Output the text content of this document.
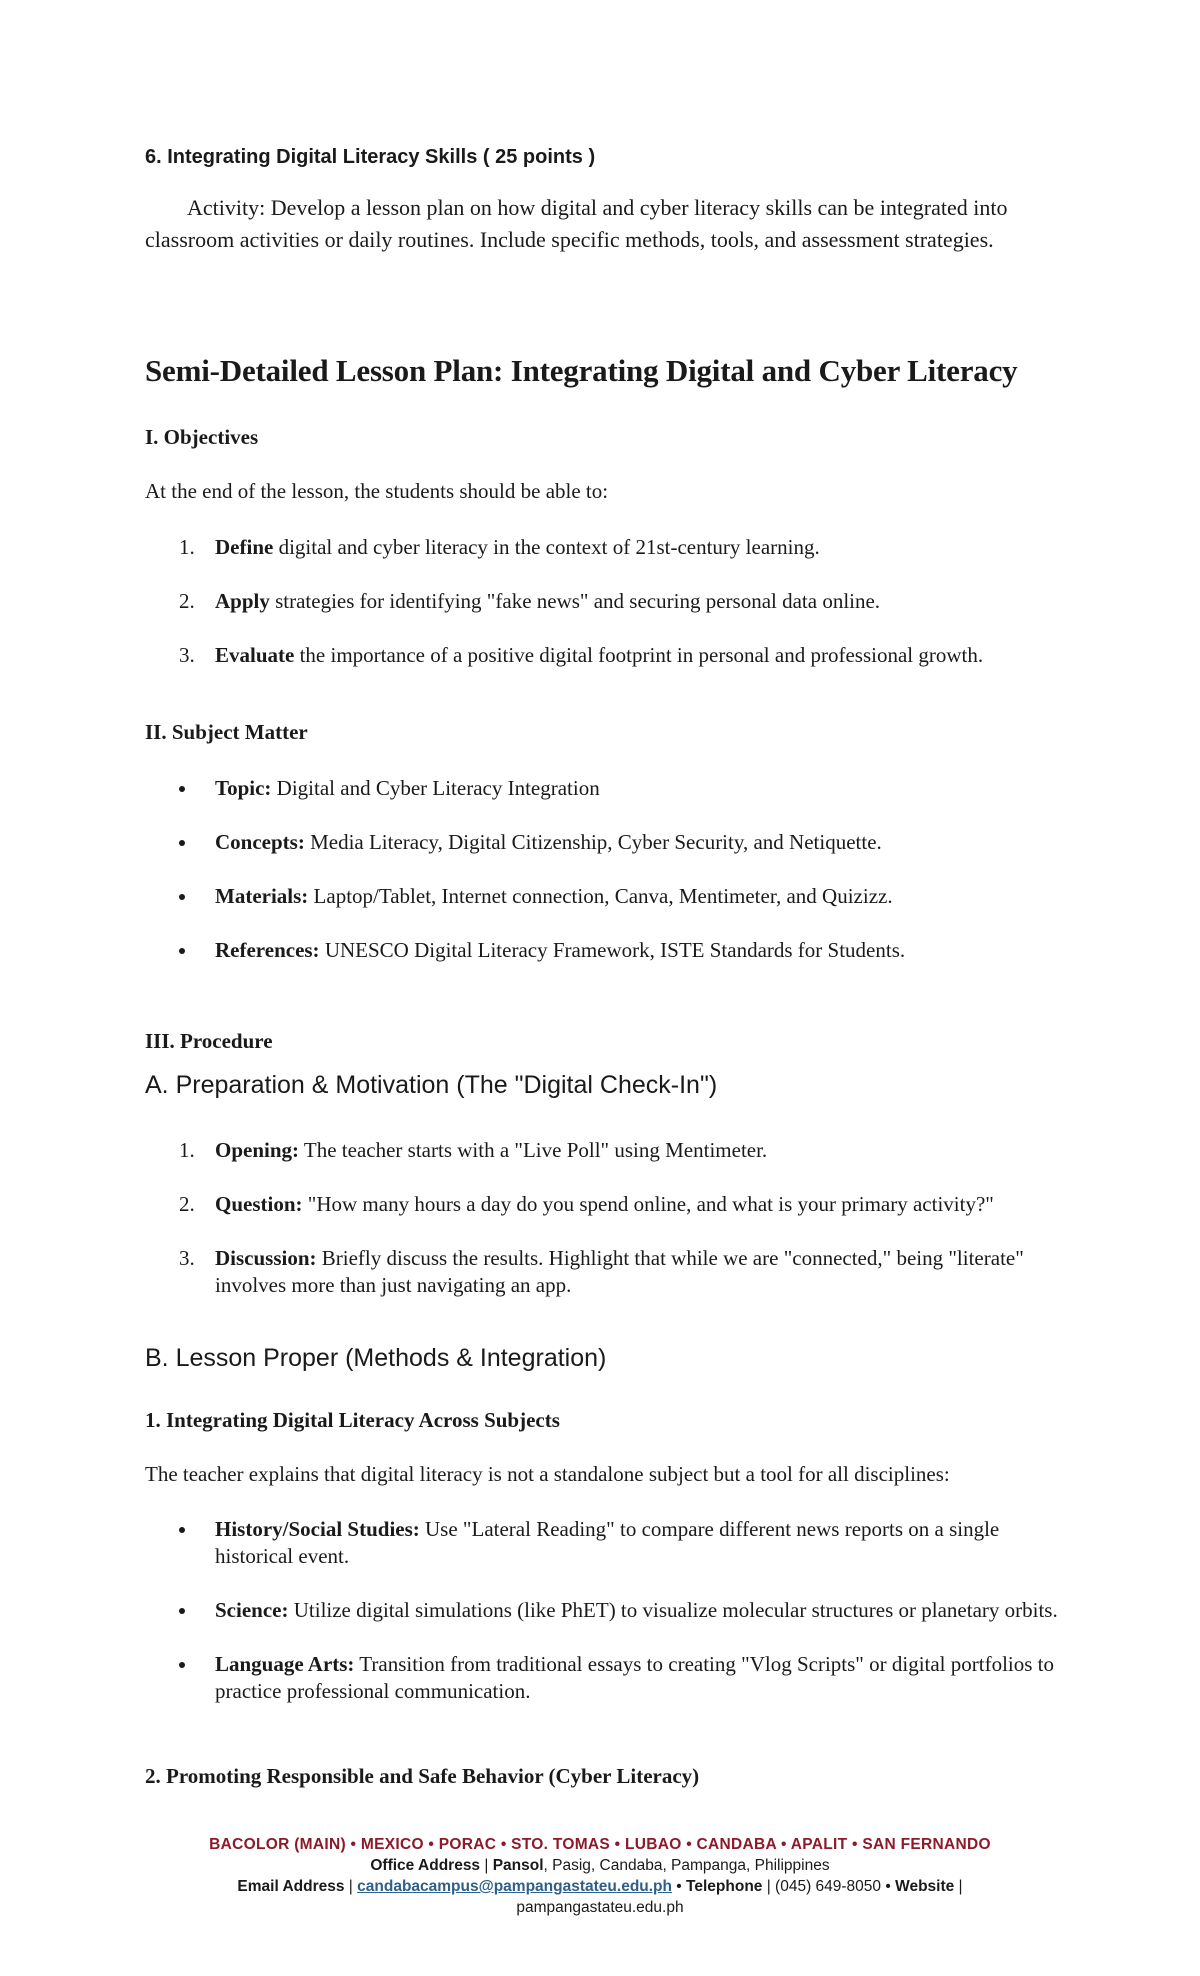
6. Integrating Digital Literacy Skills ( 25 points )
Activity: Develop a lesson plan on how digital and cyber literacy skills can be integrated into classroom activities or daily routines. Include specific methods, tools, and assessment strategies.
Semi-Detailed Lesson Plan: Integrating Digital and Cyber Literacy
I. Objectives
At the end of the lesson, the students should be able to:
1. Define digital and cyber literacy in the context of 21st-century learning.
2. Apply strategies for identifying "fake news" and securing personal data online.
3. Evaluate the importance of a positive digital footprint in personal and professional growth.
II. Subject Matter
Topic: Digital and Cyber Literacy Integration
Concepts: Media Literacy, Digital Citizenship, Cyber Security, and Netiquette.
Materials: Laptop/Tablet, Internet connection, Canva, Mentimeter, and Quizizz.
References: UNESCO Digital Literacy Framework, ISTE Standards for Students.
III. Procedure
A. Preparation & Motivation (The "Digital Check-In")
1. Opening: The teacher starts with a "Live Poll" using Mentimeter.
2. Question: "How many hours a day do you spend online, and what is your primary activity?"
3. Discussion: Briefly discuss the results. Highlight that while we are "connected," being "literate" involves more than just navigating an app.
B. Lesson Proper (Methods & Integration)
1. Integrating Digital Literacy Across Subjects
The teacher explains that digital literacy is not a standalone subject but a tool for all disciplines:
History/Social Studies: Use "Lateral Reading" to compare different news reports on a single historical event.
Science: Utilize digital simulations (like PhET) to visualize molecular structures or planetary orbits.
Language Arts: Transition from traditional essays to creating "Vlog Scripts" or digital portfolios to practice professional communication.
2. Promoting Responsible and Safe Behavior (Cyber Literacy)
BACOLOR (MAIN) • MEXICO • PORAC • STO. TOMAS • LUBAO • CANDABA • APALIT • SAN FERNANDO
Office Address | Pansol, Pasig, Candaba, Pampanga, Philippines
Email Address | candabacampus@pampangastateu.edu.ph • Telephone | (045) 649-8050 • Website |
pampangastateu.edu.ph
